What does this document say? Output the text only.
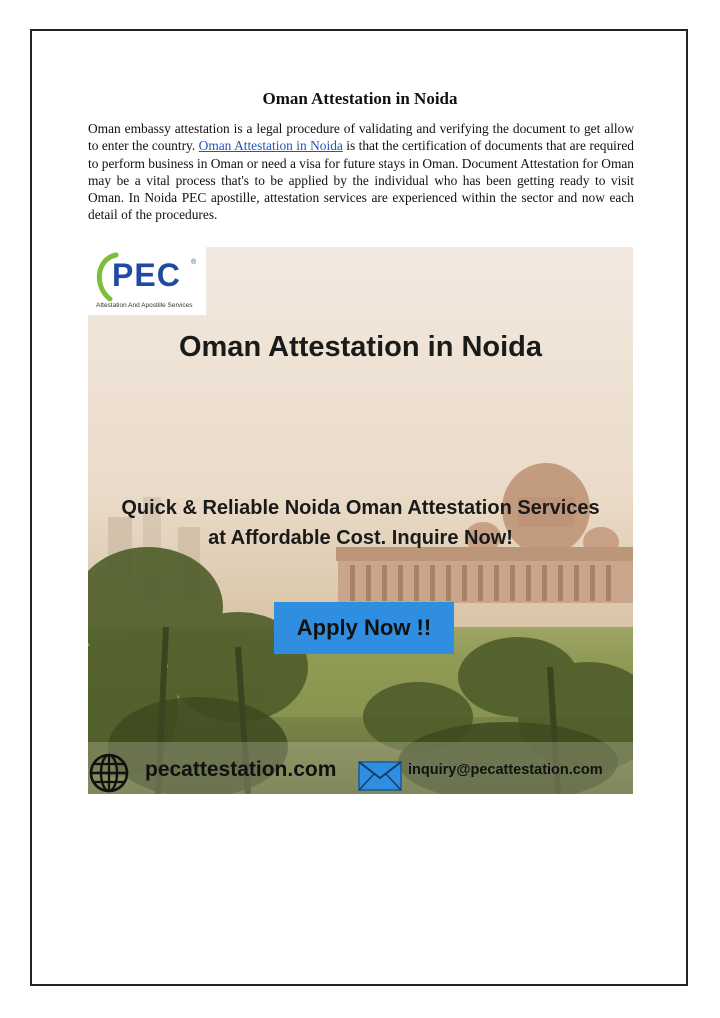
Oman Attestation in Noida
Oman embassy attestation is a legal procedure of validating and verifying the document to get allow to enter the country. Oman Attestation in Noida is that the certification of documents that are required to perform business in Oman or need a visa for future stays in Oman. Document Attestation for Oman may be a vital process that's to be applied by the individual who has been getting ready to visit Oman. In Noida PEC apostille, attestation services are experienced within the sector and now each detail of the procedures.
PEC ®
Attestation And Apostille Services
Oman Attestation in Noida
Quick & Reliable Noida Oman Attestation Services
at Affordable Cost. Inquire Now!
Apply Now !!
pecattestation.com	inquiry@pecattestation.com
